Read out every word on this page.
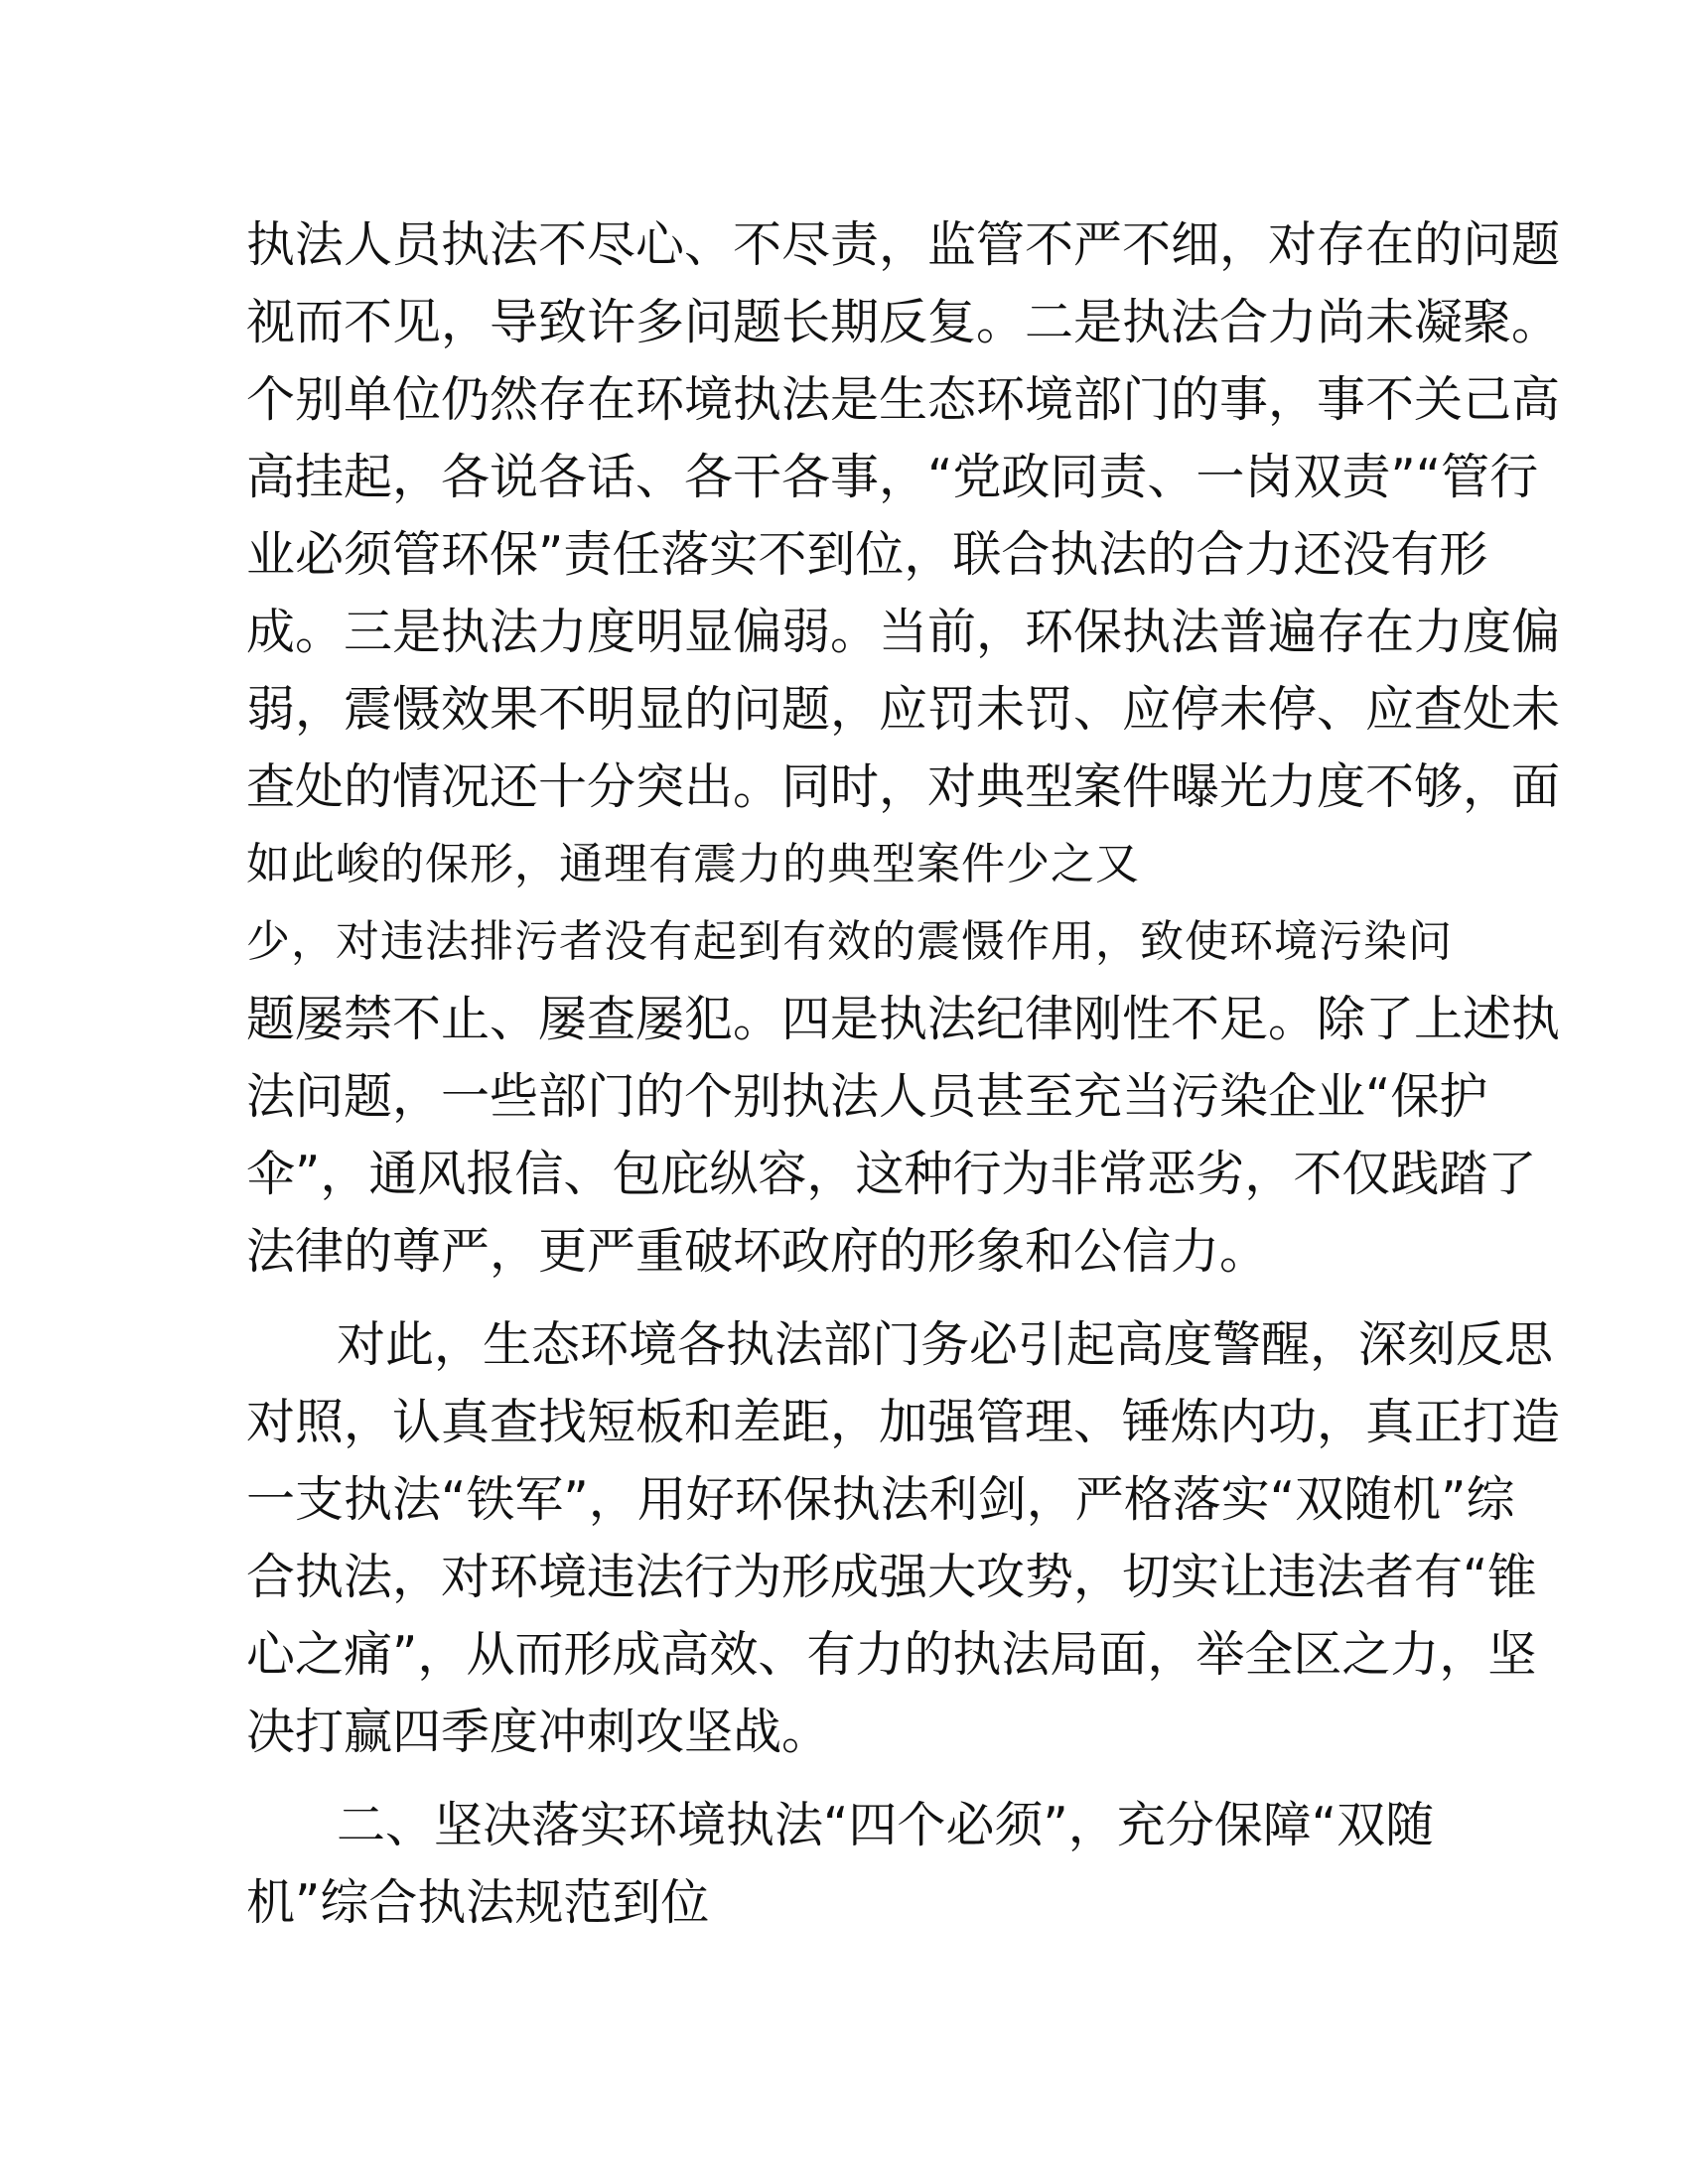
执法人员执法不尽心、不尽责，监管不严不细，对存在的问题
视而不见，导致许多问题长期反复。二是执法合力尚未凝聚。
个别单位仍然存在环境执法是生态环境部门的事，事不关己高
高挂起，各说各话、各干各事，“党政同责、一岗双责”“管行
业必须管环保”责任落实不到位，联合执法的合力还没有形
成。三是执法力度明显偏弱。当前，环保执法普遍存在力度偏
弱，震慑效果不明显的问题，应罚未罚、应停未停、应查处未
查处的情况还十分突出。同时，对典型案件曝光力度不够，面
如此峻的保形，通理有震力的典型案件少之又
少，对违法排污者没有起到有效的震慑作用，致使环境污染问
题屡禁不止、屡查屡犯。四是执法纪律刚性不足。除了上述执
法问题，一些部门的个别执法人员甚至充当污染企业“保护
伞”，通风报信、包庇纵容，这种行为非常恶劣，不仅践踏了
法律的尊严，更严重破坏政府的形象和公信力。
对此，生态环境各执法部门务必引起高度警醒，深刻反思
对照，认真查找短板和差距，加强管理、锤炼内功，真正打造
一支执法“铁军”，用好环保执法利剑，严格落实“双随机”综
合执法，对环境违法行为形成强大攻势，切实让违法者有“锥
心之痛”，从而形成高效、有力的执法局面，举全区之力，坚
决打赢四季度冲刺攻坚战。
二、坚决落实环境执法“四个必须”，充分保障“双随
机”综合执法规范到位
